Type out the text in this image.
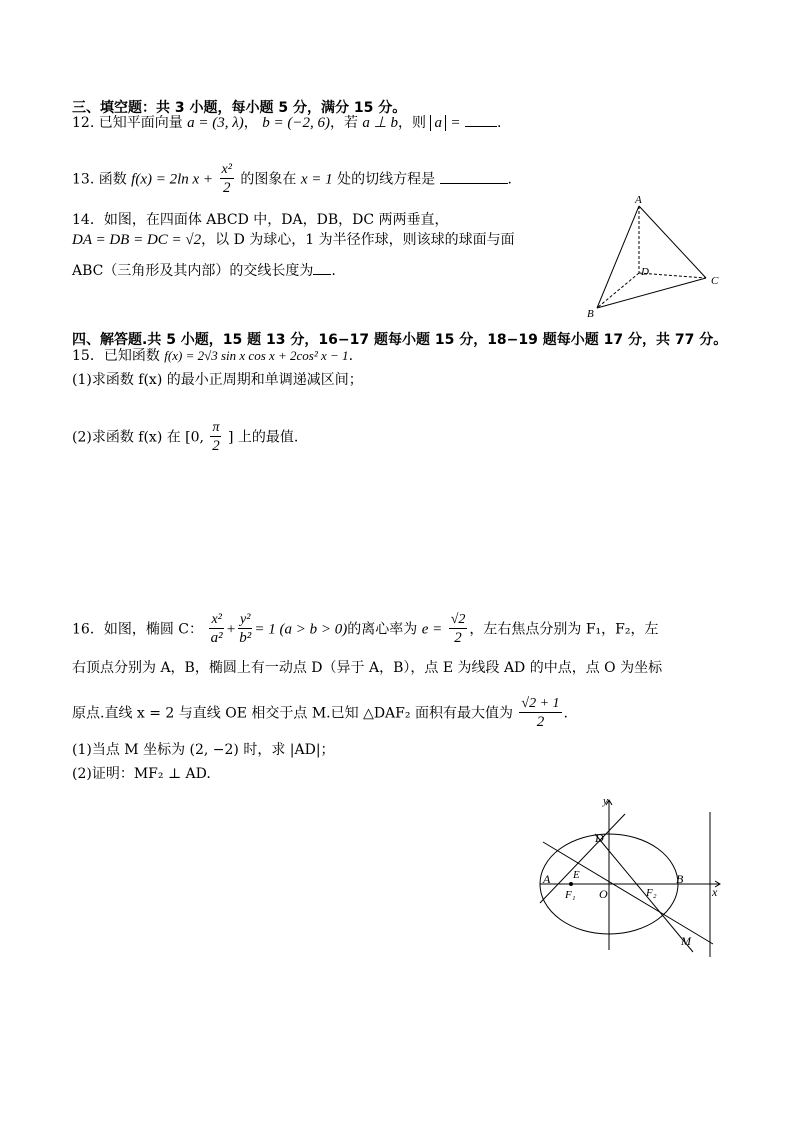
三、填空题：共 3 小题，每小题 5 分，满分 15 分。
12. 已知平面向量 a = (3, λ)， b = (−2, 6)，若 a ⊥ b，则 a =	.
13. 函数 f(x) = 2ln $x + \frac{\text{x²}}{2}$ 的图象在 x = 1 处的切线方程是	.
14．如图，在四面体 ABCD 中，DA，DB，DC 两两垂直，
DA = DB = DC = √2，以 D 为球心，1 为半径作球，则该球的球面与面
ABC（三角形及其内部）的交线长度为 .
A
B
C
D
四、解答题.共 5 小题，15 题 13 分，16−17 题每小题 15 分，18−19 题每小题 17 分，共 77 分。
15．已知函数 f(x) = 2√3 sin x cos x + 2cos² x − 1.
(1)求函数 f(x) 的最小正周期和单调递减区间；
(2)求函数 f(x) 在 [0, $\frac{\pi}{2}$ ] 上的最值.
16．如图，椭圆 C： $\frac{\text{x²}}{\text{a²}} + \frac{\text{y²}}{\text{b²}} = 1$ (a > b > 0)的离心率为 $e = \frac{√2}{2}$ ，左右焦点分别为 F₁，F₂，左
右顶点分别为 A，B，椭圆上有一动点 D（异于 A，B），点 E 为线段 AD 的中点，点 O 为坐标
原点.直线 x = 2 与直线 OE 相交于点 M.已知 △DAF₂ 面积有最大值为 $\frac{√2 + 1}{2}$ .
(1)当点 M 坐标为 (2, −2) 时，求 |AD|；
(2)证明：MF₂ ⊥ AD.
y
x
A	B
D
E
F₁	F₂
O
M
